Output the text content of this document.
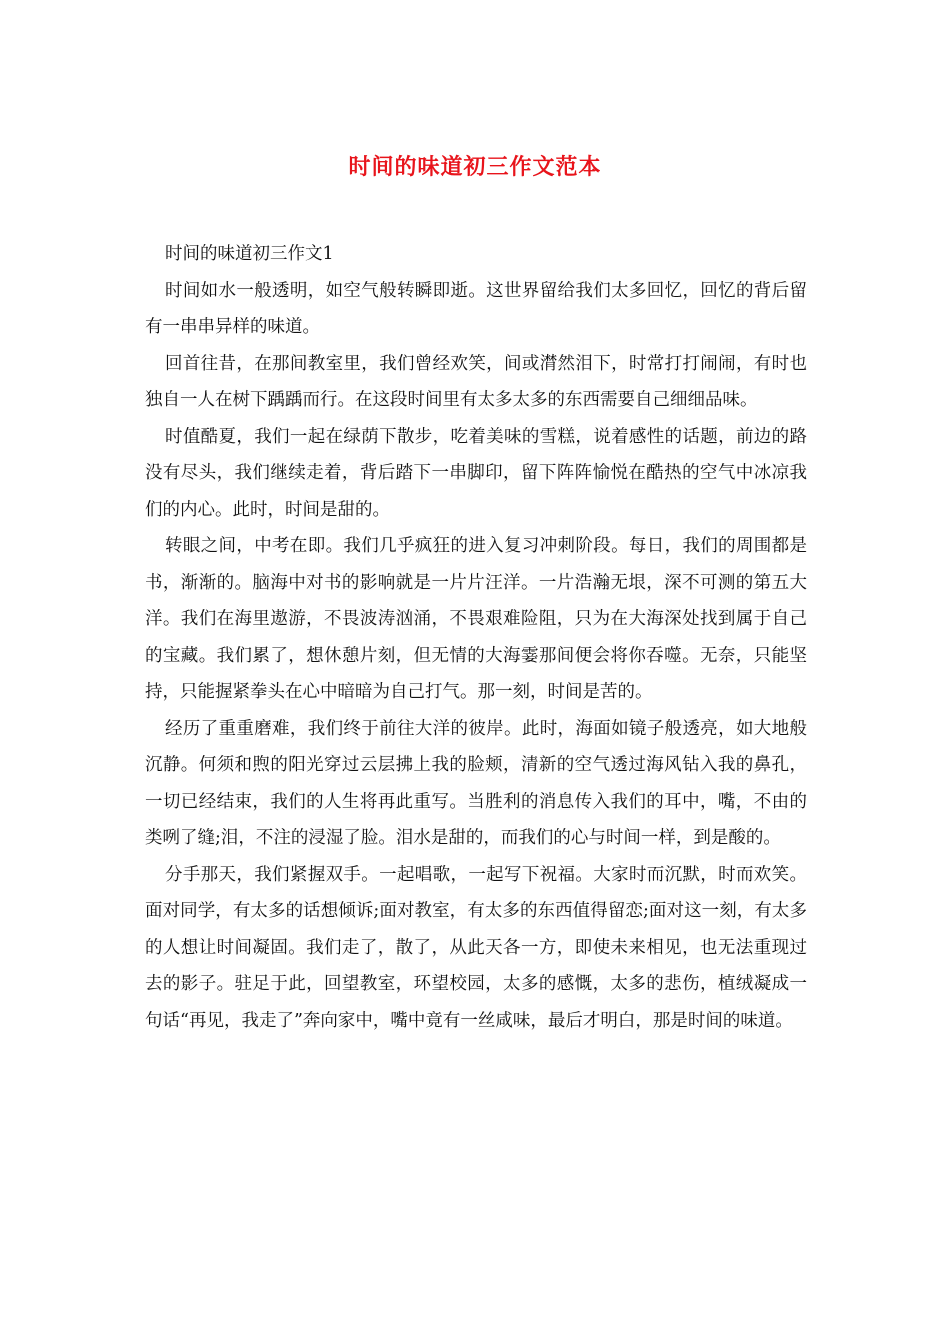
时间的味道初三作文范本

时间的味道初三作文1

时间如水一般透明，如空气般转瞬即逝。这世界留给我们太多回忆，回忆的背后留有一串串异样的味道。

回首往昔，在那间教室里，我们曾经欢笑，间或潸然泪下，时常打打闹闹，有时也独自一人在树下踽踽而行。在这段时间里有太多太多的东西需要自己细细品味。

时值酷夏，我们一起在绿荫下散步，吃着美味的雪糕，说着感性的话题，前边的路没有尽头，我们继续走着，背后踏下一串脚印，留下阵阵愉悦在酷热的空气中冰凉我们的内心。此时，时间是甜的。

转眼之间，中考在即。我们几乎疯狂的进入复习冲刺阶段。每日，我们的周围都是书，渐渐的。脑海中对书的影响就是一片片汪洋。一片浩瀚无垠，深不可测的第五大洋。我们在海里遨游，不畏波涛汹涌，不畏艰难险阻，只为在大海深处找到属于自己的宝藏。我们累了，想休憩片刻，但无情的大海霎那间便会将你吞噬。无奈，只能坚持，只能握紧拳头在心中暗暗为自己打气。那一刻，时间是苦的。

经历了重重磨难，我们终于前往大洋的彼岸。此时，海面如镜子般透亮，如大地般沉静。何须和煦的阳光穿过云层拂上我的脸颊，清新的空气透过海风钻入我的鼻孔，一切已经结束，我们的人生将再此重写。当胜利的消息传入我们的耳中，嘴，不由的类咧了缝;泪，不注的浸湿了脸。泪水是甜的，而我们的心与时间一样，到是酸的。

分手那天，我们紧握双手。一起唱歌，一起写下祝福。大家时而沉默，时而欢笑。面对同学，有太多的话想倾诉;面对教室，有太多的东西值得留恋;面对这一刻，有太多的人想让时间凝固。我们走了，散了，从此天各一方，即使未来相见，也无法重现过去的影子。驻足于此，回望教室，环望校园，太多的感慨，太多的悲伤，植绒凝成一句话“再见，我走了”奔向家中，嘴中竟有一丝咸味，最后才明白，那是时间的味道。
